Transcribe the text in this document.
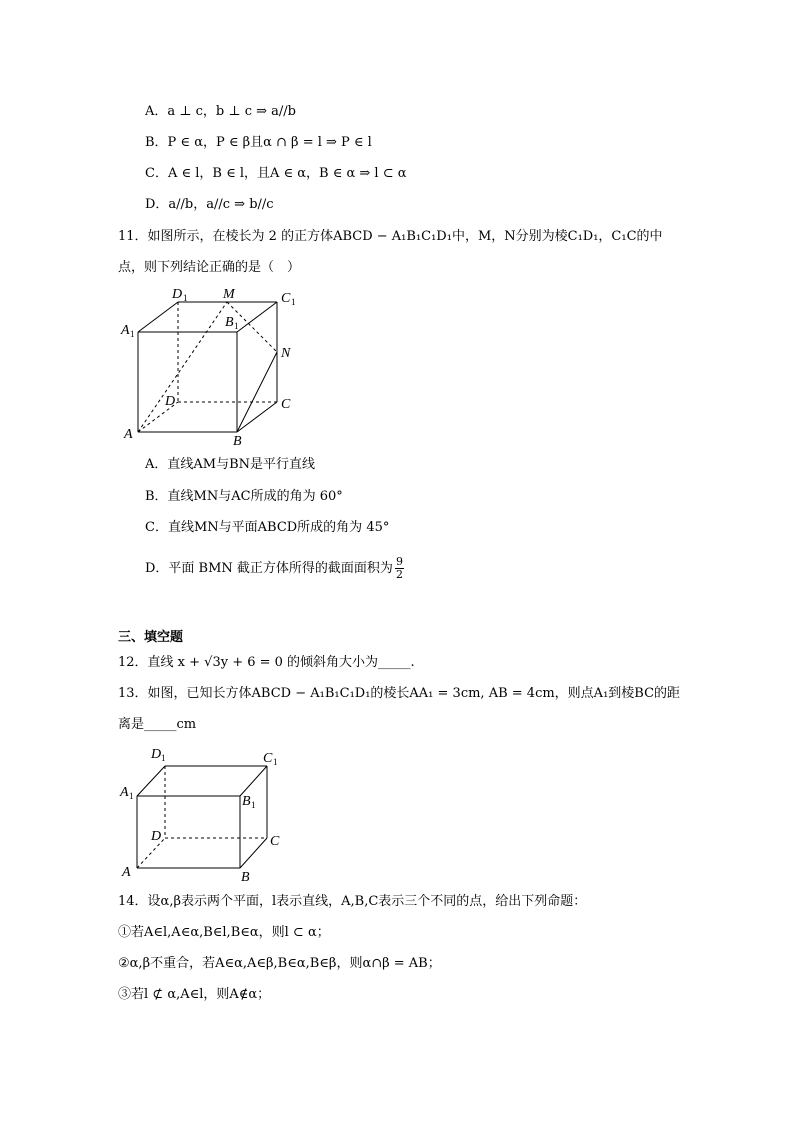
A．a ⊥ c，b ⊥ c ⇒ a//b
B．P ∈ α，P ∈ β且α ∩ β = l ⇒ P ∈ l
C．A ∈ l，B ∈ l，且A ∈ α，B ∈ α ⇒ l ⊂ α
D．a//b，a//c ⇒ b//c
11．如图所示，在棱长为 2 的正方体ABCD − A₁B₁C₁D₁中，M，N分别为棱C₁D₁，C₁C的中
点，则下列结论正确的是（　）
D 1	M	C 1
A 1
B 1
N
D	C
A	B
A．直线AM与BN是平行直线
B．直线MN与AC所成的角为 60°
C．直线MN与平面ABCD所成的角为 45°
D．平面 BMN 截正方体所得的截面面积为 $\frac{9}{2}$
三、填空题
12．直线 x + √3y + 6 = 0 的倾斜角大小为_____.
13．如图，已知长方体ABCD − A₁B₁C₁D₁的棱长AA₁ = 3cm, AB = 4cm，则点A₁到棱BC的距
离是_____cm
D 1	C 1
A 1	B 1
D	C
A	B
14．设α,β表示两个平面，l表示直线，A,B,C表示三个不同的点，给出下列命题：
①若A∈l,A∈α,B∈l,B∈α，则l ⊂ α；
②α,β不重合，若A∈α,A∈β,B∈α,B∈β，则α∩β = AB；
③若l ⊄ α,A∈l，则A∉α；
